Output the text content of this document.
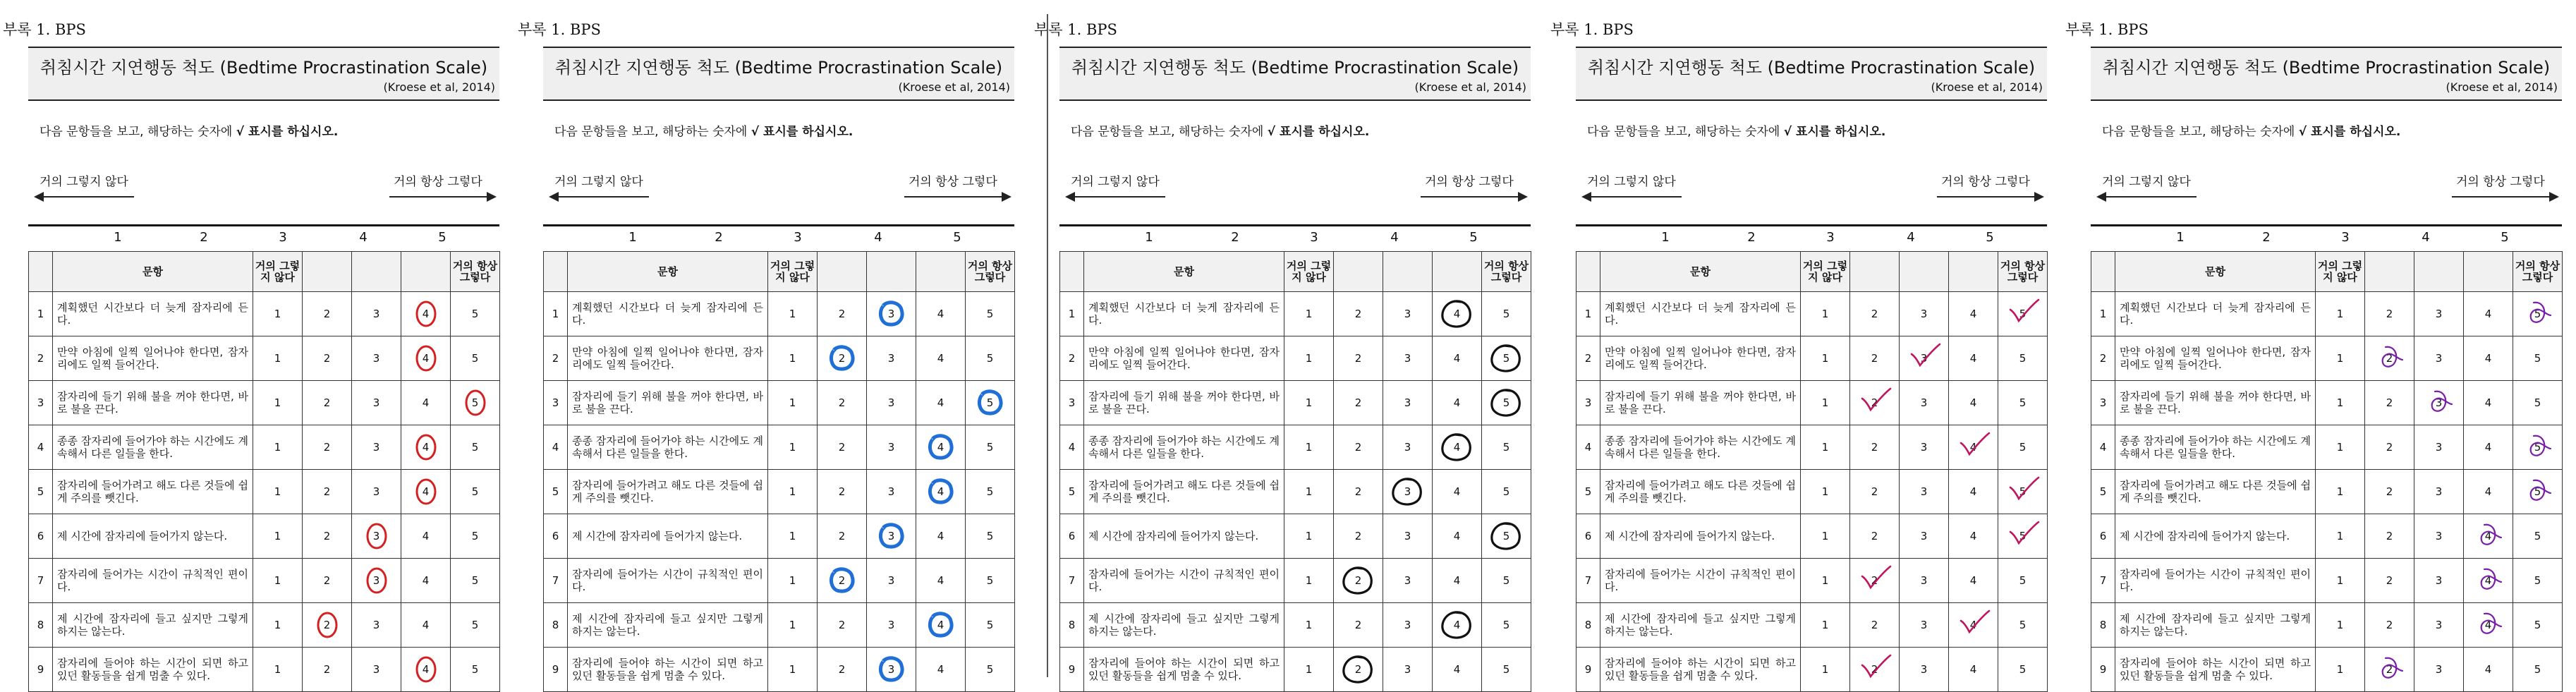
부록 1. BPS
취침시간 지연행동 척도 (Bedtime Procrastination Scale)
(Kroese et al, 2014)
다음 문항들을 보고, 해당하는 숫자에 √ 표시를 하십시오.
거의 그렇지 않다	거의 항상 그렇다
1	2	3	4	5
	문항	거의 그렇지 않다				거의 항상 그렇다
1	계획했던 시간보다 더 늦게 잠자리에 든다.	1	2	3	4	5
2	만약 아침에 일찍 일어나야 한다면, 잠자리에도 일찍 들어간다.	1	2	3	4	5
3	잠자리에 들기 위해 불을 꺼야 한다면, 바로 불을 끈다.	1	2	3	4	5

4	종종 잠자리에 들어가야 하는 시간에도 계속해서 다른 일들을 한다.	1	2	3	4	5
5	잠자리에 들어가려고 해도 다른 것들에 쉽게 주의를 뺏긴다.	1	2	3	4	5
6	제 시간에 잠자리에 들어가지 않는다.	1	2	3	4	5
7	잠자리에 들어가는 시간이 규칙적인 편이다.	1	2	3	4	5
8	제 시간에 잠자리에 들고 싶지만 그렇게 하지는 않는다.	1	2	3	4	5
9	잠자리에 들어야 하는 시간이 되면 하고 있던 활동들을 쉽게 멈출 수 있다.	1	2	3	4	5
부록 1. BPS
취침시간 지연행동 척도 (Bedtime Procrastination Scale)
(Kroese et al, 2014)
다음 문항들을 보고, 해당하는 숫자에 √ 표시를 하십시오.
거의 그렇지 않다	거의 항상 그렇다
1	2	3	4	5
	문항	거의 그렇지 않다				거의 항상 그렇다
1	계획했던 시간보다 더 늦게 잠자리에 든다.	1	2	3	4	5
2	만약 아침에 일찍 일어나야 한다면, 잠자리에도 일찍 들어간다.	1	2	3	4	5
3	잠자리에 들기 위해 불을 꺼야 한다면, 바로 불을 끈다.	1	2	3	4	5

4	종종 잠자리에 들어가야 하는 시간에도 계속해서 다른 일들을 한다.	1	2	3	4	5
5	잠자리에 들어가려고 해도 다른 것들에 쉽게 주의를 뺏긴다.	1	2	3	4	5
6	제 시간에 잠자리에 들어가지 않는다.	1	2	3	4	5
7	잠자리에 들어가는 시간이 규칙적인 편이다.	1	2	3	4	5
8	제 시간에 잠자리에 들고 싶지만 그렇게 하지는 않는다.	1	2	3	4	5
9	잠자리에 들어야 하는 시간이 되면 하고 있던 활동들을 쉽게 멈출 수 있다.	1	2	3	4	5
부록 1. BPS
취침시간 지연행동 척도 (Bedtime Procrastination Scale)
(Kroese et al, 2014)
다음 문항들을 보고, 해당하는 숫자에 √ 표시를 하십시오.
거의 그렇지 않다	거의 항상 그렇다
1	2	3	4	5
	문항	거의 그렇지 않다				거의 항상 그렇다
1	계획했던 시간보다 더 늦게 잠자리에 든다.	1	2	3	4	5
2	만약 아침에 일찍 일어나야 한다면, 잠자리에도 일찍 들어간다.	1	2	3	4	5

3	잠자리에 들기 위해 불을 꺼야 한다면, 바로 불을 끈다.	1	2	3	4	5

4	종종 잠자리에 들어가야 하는 시간에도 계속해서 다른 일들을 한다.	1	2	3	4	5
5	잠자리에 들어가려고 해도 다른 것들에 쉽게 주의를 뺏긴다.	1	2	3	4	5
6	제 시간에 잠자리에 들어가지 않는다.	1	2	3	4	5

7	잠자리에 들어가는 시간이 규칙적인 편이다.	1	2	3	4	5
8	제 시간에 잠자리에 들고 싶지만 그렇게 하지는 않는다.	1	2	3	4	5
9	잠자리에 들어야 하는 시간이 되면 하고 있던 활동들을 쉽게 멈출 수 있다.	1	2	3	4	5
부록 1. BPS
취침시간 지연행동 척도 (Bedtime Procrastination Scale)
(Kroese et al, 2014)
다음 문항들을 보고, 해당하는 숫자에 √ 표시를 하십시오.
거의 그렇지 않다	거의 항상 그렇다
1	2	3	4	5
	문항	거의 그렇지 않다				거의 항상 그렇다
1	계획했던 시간보다 더 늦게 잠자리에 든다.	1	2	3	4	5

2	만약 아침에 일찍 일어나야 한다면, 잠자리에도 일찍 들어간다.	1	2	3	4	5
3	잠자리에 들기 위해 불을 꺼야 한다면, 바로 불을 끈다.	1	2	3	4	5
4	종종 잠자리에 들어가야 하는 시간에도 계속해서 다른 일들을 한다.	1	2	3	4	5
5	잠자리에 들어가려고 해도 다른 것들에 쉽게 주의를 뺏긴다.	1	2	3	4	5

6	제 시간에 잠자리에 들어가지 않는다.	1	2	3	4	5

7	잠자리에 들어가는 시간이 규칙적인 편이다.	1	2	3	4	5
8	제 시간에 잠자리에 들고 싶지만 그렇게 하지는 않는다.	1	2	3	4	5
9	잠자리에 들어야 하는 시간이 되면 하고 있던 활동들을 쉽게 멈출 수 있다.	1	2	3	4	5
부록 1. BPS
취침시간 지연행동 척도 (Bedtime Procrastination Scale)
(Kroese et al, 2014)
다음 문항들을 보고, 해당하는 숫자에 √ 표시를 하십시오.
거의 그렇지 않다	거의 항상 그렇다
1	2	3	4	5
	문항	거의 그렇지 않다				거의 항상 그렇다
1	계획했던 시간보다 더 늦게 잠자리에 든다.	1	2	3	4	5

2	만약 아침에 일찍 일어나야 한다면, 잠자리에도 일찍 들어간다.	1	2	3	4	5
3	잠자리에 들기 위해 불을 꺼야 한다면, 바로 불을 끈다.	1	2	3	4	5
4	종종 잠자리에 들어가야 하는 시간에도 계속해서 다른 일들을 한다.	1	2	3	4	5

5	잠자리에 들어가려고 해도 다른 것들에 쉽게 주의를 뺏긴다.	1	2	3	4	5

6	제 시간에 잠자리에 들어가지 않는다.	1	2	3	4	5
7	잠자리에 들어가는 시간이 규칙적인 편이다.	1	2	3	4	5
8	제 시간에 잠자리에 들고 싶지만 그렇게 하지는 않는다.	1	2	3	4	5
9	잠자리에 들어야 하는 시간이 되면 하고 있던 활동들을 쉽게 멈출 수 있다.	1	2	3	4	5
